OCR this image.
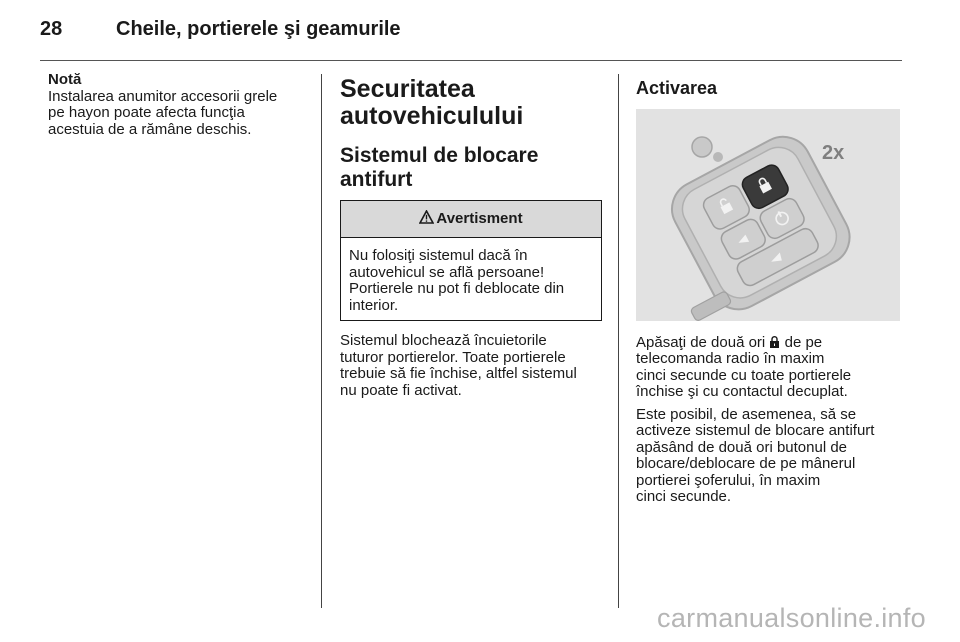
28	Cheile, portierele şi geamurile
Notă
Instalarea anumitor accesorii grele
pe hayon poate afecta funcţia
acestuia de a rămâne deschis.
Securitatea
autovehiculului
Sistemul de blocare
antifurt
Avertisment
Nu folosiţi sistemul dacă în
autovehicul se află persoane!
Portierele nu pot fi deblocate din
interior.
Sistemul blochează încuietorile
tuturor portierelor. Toate portierele
trebuie să fie închise, altfel sistemul
nu poate fi activat.
Activarea
2x
Apăsaţi de două ori de pe
telecomanda radio în maxim
cinci secunde cu toate portierele
închise şi cu contactul decuplat.
Este posibil, de asemenea, să se
activeze sistemul de blocare antifurt
apăsând de două ori butonul de
blocare/deblocare de pe mânerul
portierei şoferului, în maxim
cinci secunde.
carmanualsonline.info
